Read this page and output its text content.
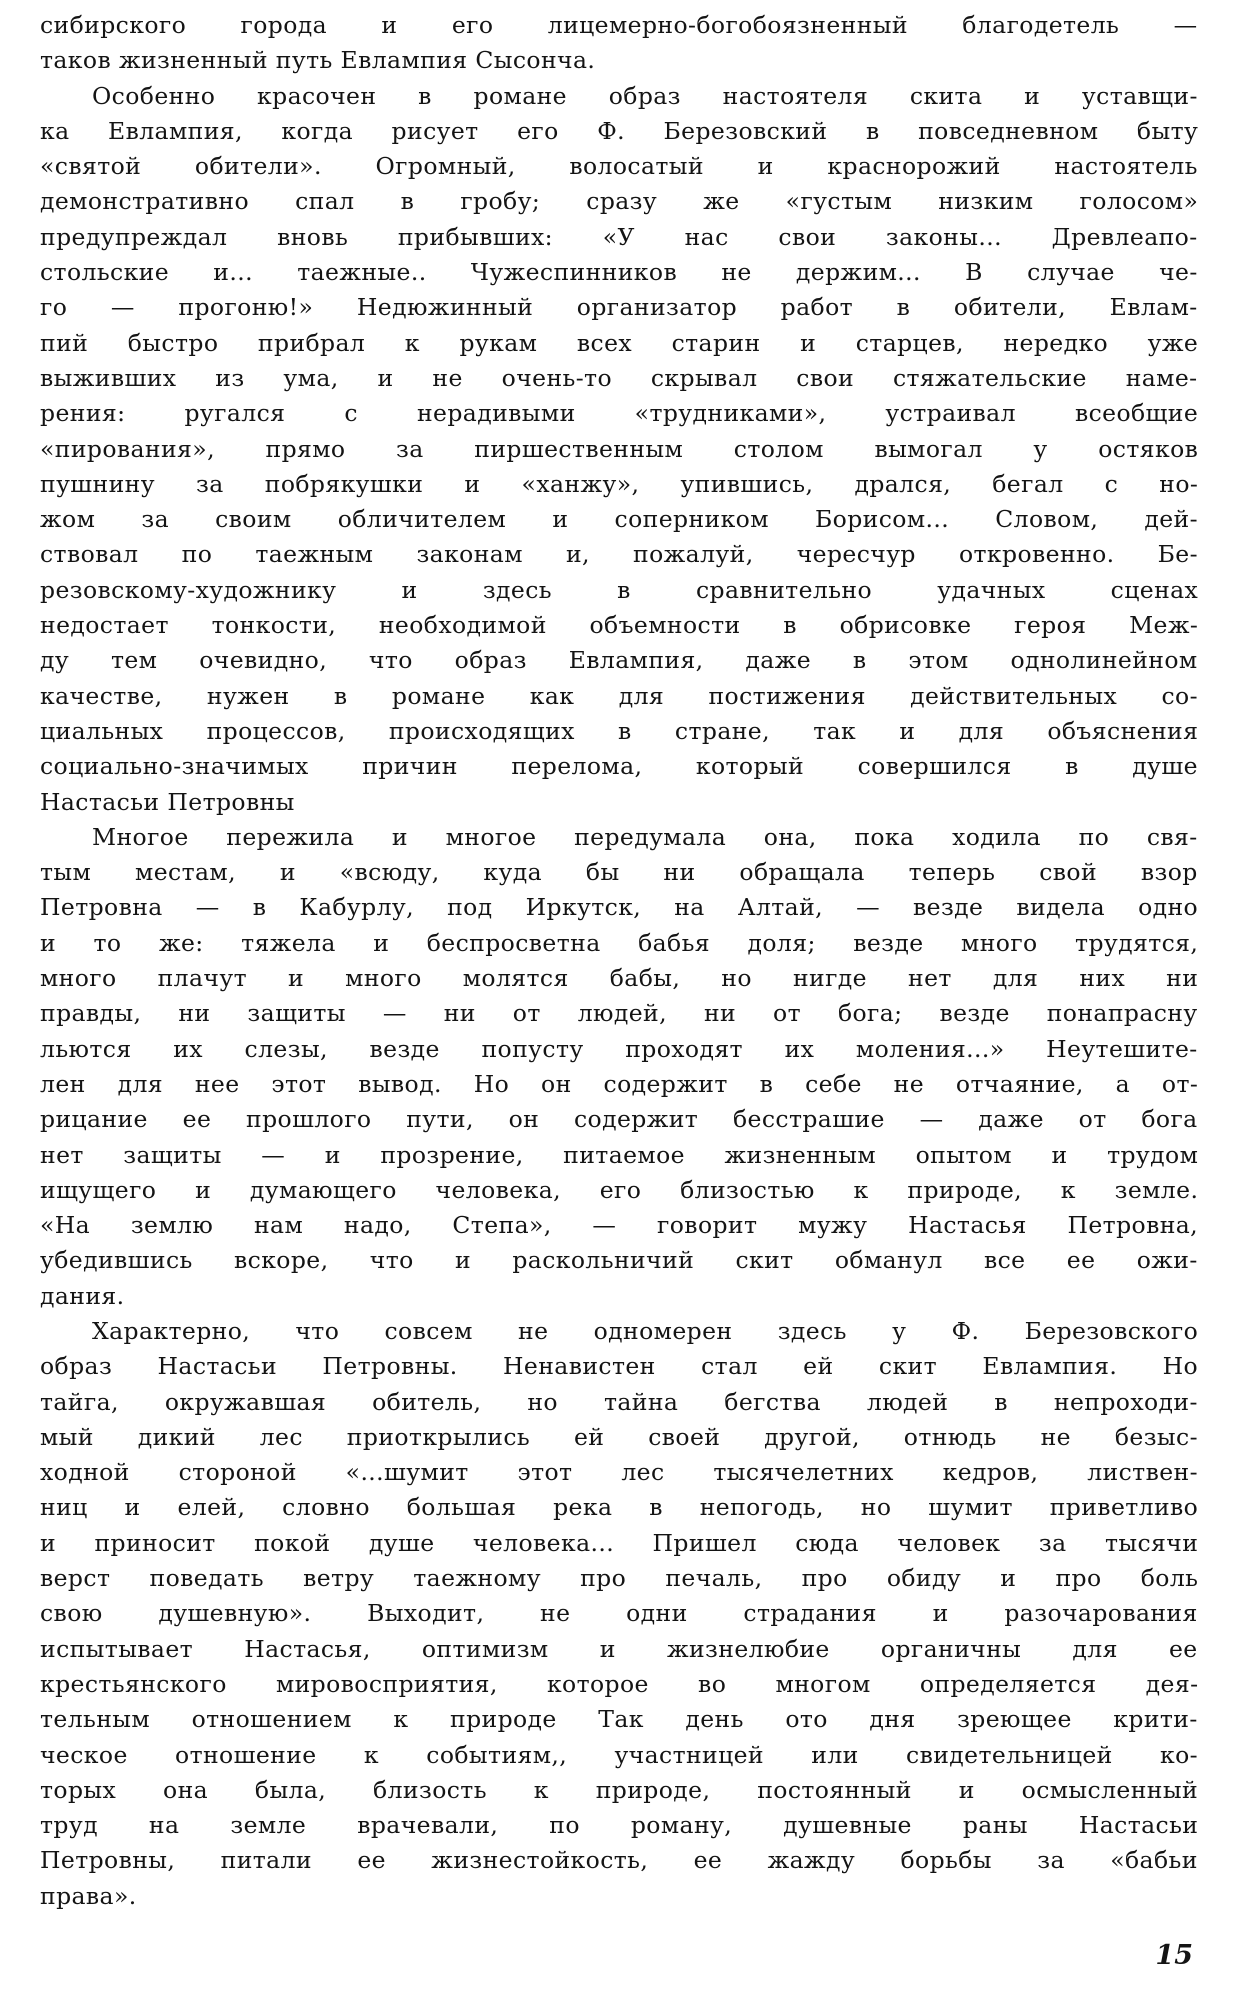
сибирского города и его лицемерно-богобоязненный благодетель —
таков жизненный путь Евлампия Сысонча.
Особенно красочен в романе образ настоятеля скита и уставщи-
ка Евлампия, когда рисует его Ф. Березовский в повседневном быту
«святой обители». Огромный, волосатый и краснорожий настоятель
демонстративно спал в гробу; сразу же «густым низким голосом»
предупреждал вновь прибывших: «У нас свои законы... Древлеапо-
стольские и... таежные.. Чужеспинников не держим... В случае че-
го — прогоню!» Недюжинный организатор работ в обители, Евлам-
пий быстро прибрал к рукам всех старин и старцев, нередко уже
выживших из ума, и не очень-то скрывал свои стяжательские наме-
рения: ругался с нерадивыми «трудниками», устраивал всеобщие
«пирования», прямо за пиршественным столом вымогал у остяков
пушнину за побрякушки и «ханжу», упившись, дрался, бегал с но-
жом за своим обличителем и соперником Борисом... Словом, дей-
ствовал по таежным законам и, пожалуй, чересчур откровенно. Бе-
резовскому-художнику и здесь в сравнительно удачных сценах
недостает тонкости, необходимой объемности в обрисовке героя Меж-
ду тем очевидно, что образ Евлампия, даже в этом однолинейном
качестве, нужен в романе как для постижения действительных со-
циальных процессов, происходящих в стране, так и для объяснения
социально-значимых причин перелома, который совершился в душе
Настасьи Петровны
Многое пережила и многое передумала она, пока ходила по свя-
тым местам, и «всюду, куда бы ни обращала теперь свой взор
Петровна — в Кабурлу, под Иркутск, на Алтай, — везде видела одно
и то же: тяжела и беспросветна бабья доля; везде много трудятся,
много плачут и много молятся бабы, но нигде нет для них ни
правды, ни защиты — ни от людей, ни от бога; везде понапрасну
льются их слезы, везде попусту проходят их моления...» Неутешите-
лен для нее этот вывод. Но он содержит в себе не отчаяние, а от-
рицание ее прошлого пути, он содержит бесстрашие — даже от бога
нет защиты — и прозрение, питаемое жизненным опытом и трудом
ищущего и думающего человека, его близостью к природе, к земле.
«На землю нам надо, Степа», — говорит мужу Настасья Петровна,
убедившись вскоре, что и раскольничий скит обманул все ее ожи-
дания.
Характерно, что совсем не одномерен здесь у Ф. Березовского
образ Настасьи Петровны. Ненавистен стал ей скит Евлампия. Но
тайга, окружавшая обитель, но тайна бегства людей в непроходи-
мый дикий лес приоткрылись ей своей другой, отнюдь не безыс-
ходной стороной «...шумит этот лес тысячелетних кедров, листвен-
ниц и елей, словно большая река в непогодь, но шумит приветливо
и приносит покой душе человека... Пришел сюда человек за тысячи
верст поведать ветру таежному про печаль, про обиду и про боль
свою душевную». Выходит, не одни страдания и разочарования
испытывает Настасья, оптимизм и жизнелюбие органичны для ее
крестьянского мировосприятия, которое во многом определяется дея-
тельным отношением к природе Так день ото дня зреющее крити-
ческое отношение к событиям,, участницей или свидетельницей ко-
торых она была, близость к природе, постоянный и осмысленный
труд на земле врачевали, по роману, душевные раны Настасьи
Петровны, питали ее жизнестойкость, ее жажду борьбы за «бабьи
права».
15
